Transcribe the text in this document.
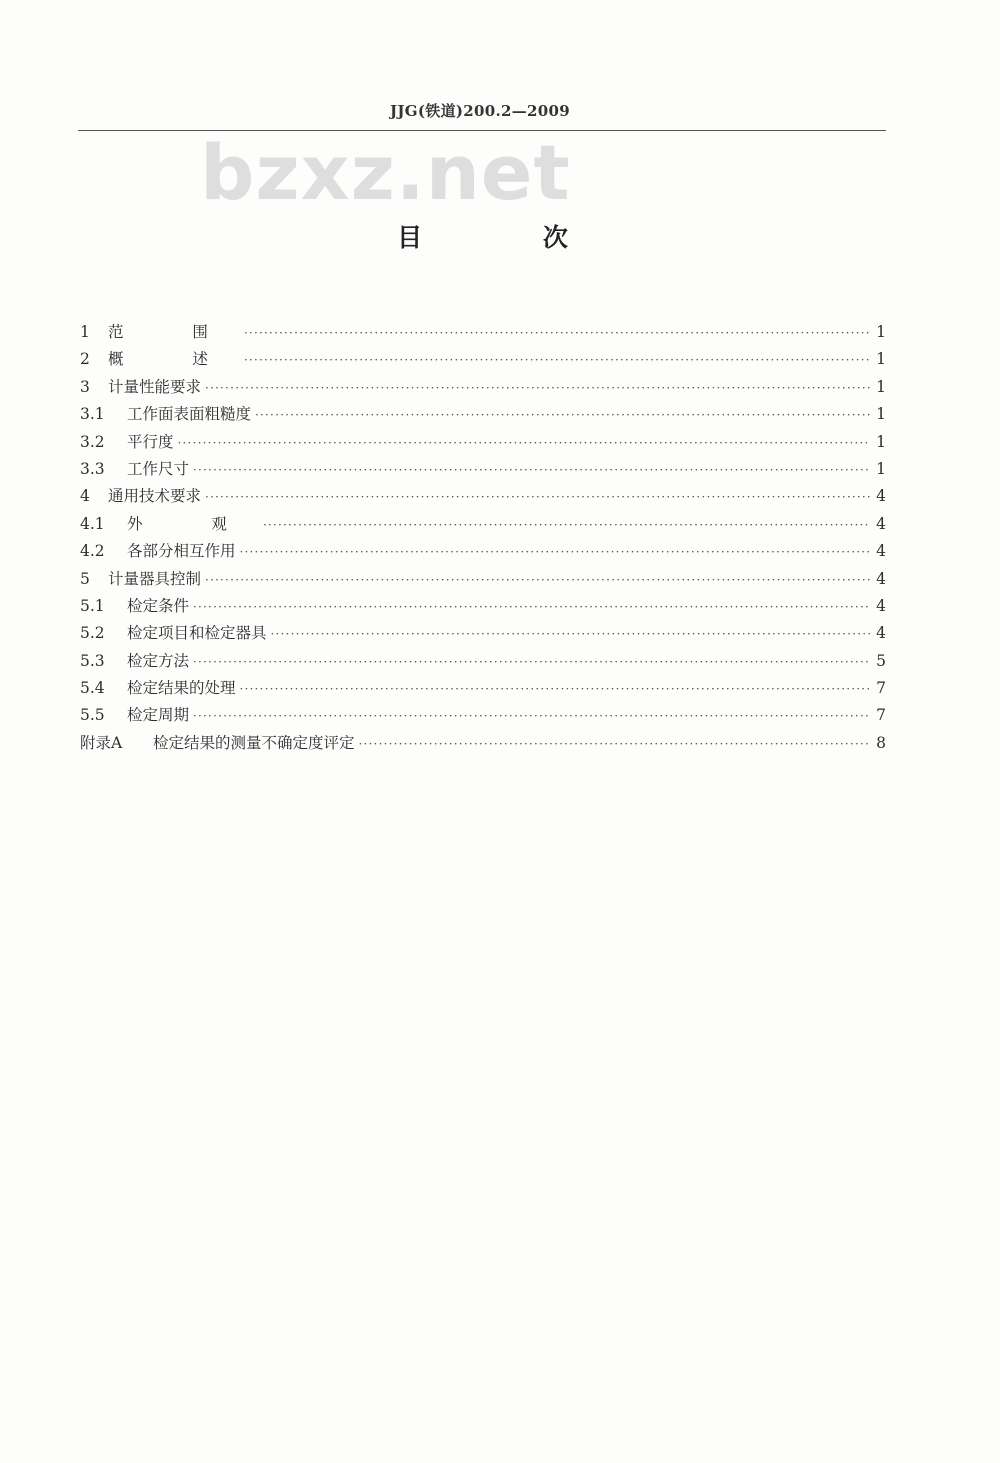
JJG(铁道)200.2—2009
bzxz.net
目 次
1	范 围 ·····	1
2	概 述 ·····	1
3	计量性能要求 ·····	1
3.1	工作面表面粗糙度 ·····	1
3.2	平行度 ·····	1
3.3	工作尺寸 ·····	1
4	通用技术要求 ·····	4
4.1	外 观 ·····	4
4.2	各部分相互作用 ·····	4
5	计量器具控制 ·····	4
5.1	检定条件 ·····	4
5.2	检定项目和检定器具 ·····	4
5.3	检定方法 ·····	5
5.4	检定结果的处理 ·····	7
5.5	检定周期 ·····	7
附录A	检定结果的测量不确定度评定 ·····	8
